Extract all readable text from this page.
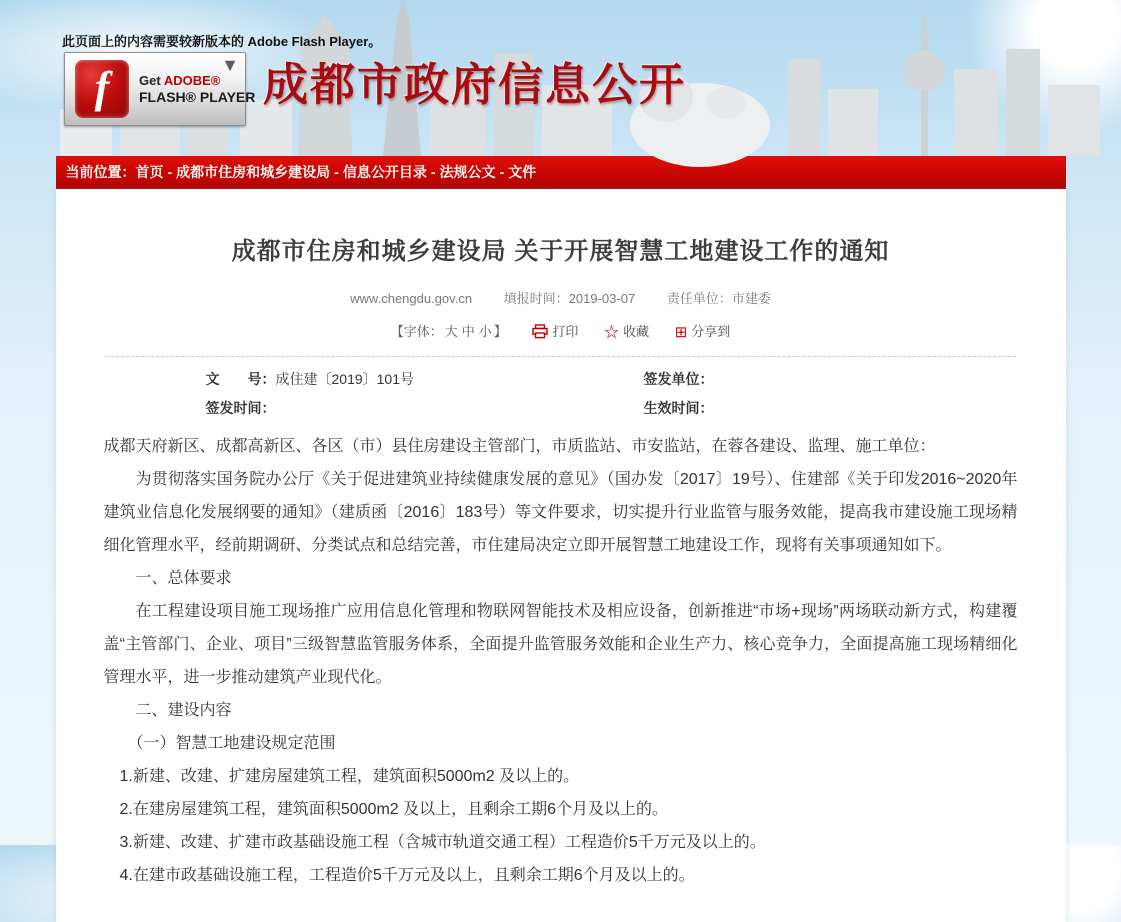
此页面上的内容需要较新版本的 Adobe Flash Player。
f	Get ADOBE®
FLASH® PLAYER
▼ 成都市政府信息公开
当前位置：首页 - 成都市住房和城乡建设局 - 信息公开目录 - 法规公文 - 文件
成都市住房和城乡建设局 关于开展智慧工地建设工作的通知
www.chengdu.gov.cn 填报时间：2019-03-07 责任单位：市建委
【字体： 大 中 小 】	打印 ☆ 收藏 ⊞ 分享到
文　　号：成住建〔2019〕101号	签发单位：
签发时间：	生效时间：

成都天府新区、成都高新区、各区（市）县住房建设主管部门，市质监站、市安监站，在蓉各建设、监理、施工单位：

为贯彻落实国务院办公厅《关于促进建筑业持续健康发展的意见》（国办发〔2017〕19号）、住建部《关于印发2016~2020年建筑业信息化发展纲要的通知》（建质函〔2016〕183号）等文件要求，切实提升行业监管与服务效能，提高我市建设施工现场精细化管理水平，经前期调研、分类试点和总结完善，市住建局决定立即开展智慧工地建设工作，现将有关事项通知如下。

一、总体要求

在工程建设项目施工现场推广应用信息化管理和物联网智能技术及相应设备，创新推进“市场+现场”两场联动新方式，构建覆盖“主管部门、企业、项目”三级智慧监管服务体系，全面提升监管服务效能和企业生产力、核心竞争力，全面提高施工现场精细化管理水平，进一步推动建筑产业现代化。

二、建设内容

（一）智慧工地建设规定范围

1.新建、改建、扩建房屋建筑工程，建筑面积5000m2 及以上的。

2.在建房屋建筑工程，建筑面积5000m2 及以上，且剩余工期6个月及以上的。

3.新建、改建、扩建市政基础设施工程（含城市轨道交通工程）工程造价5千万元及以上的。

4.在建市政基础设施工程，工程造价5千万元及以上，且剩余工期6个月及以上的。
